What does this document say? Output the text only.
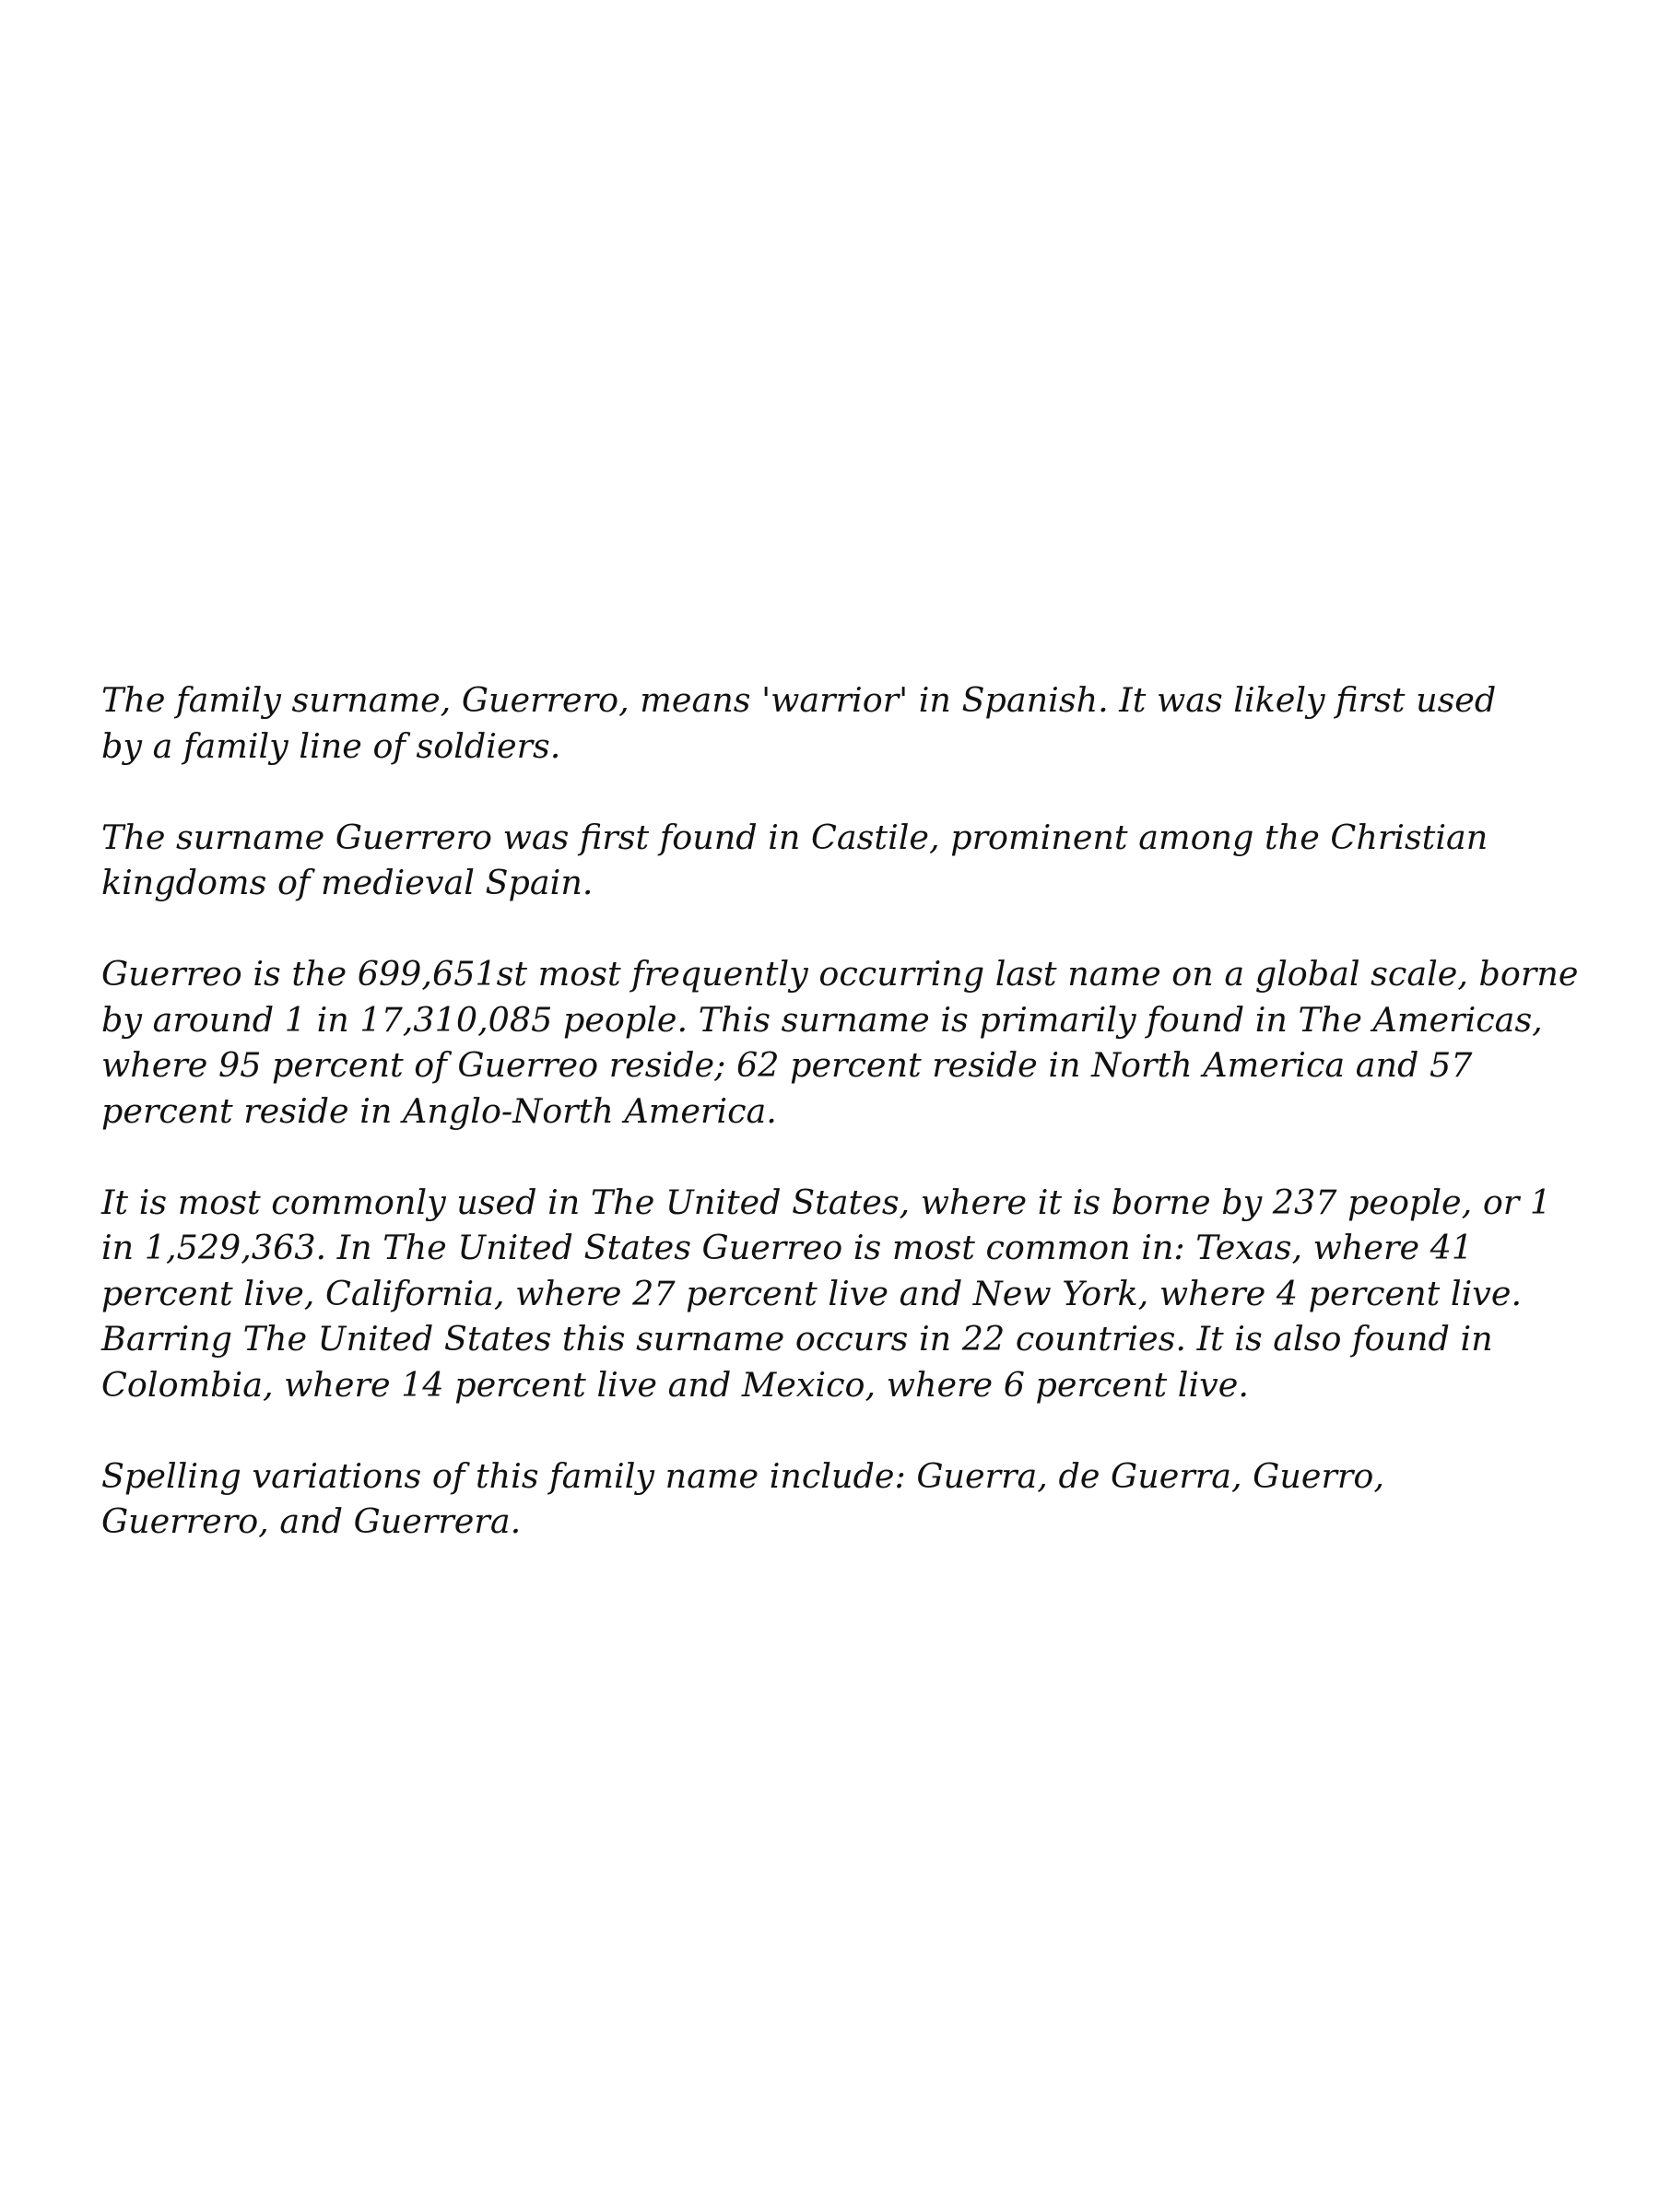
The family surname, Guerrero, means 'warrior' in Spanish. It was likely first used
by a family line of soldiers.

The surname Guerrero was first found in Castile, prominent among the Christian
kingdoms of medieval Spain.

Guerreo is the 699,651st most frequently occurring last name on a global scale, borne
by around 1 in 17,310,085 people. This surname is primarily found in The Americas,
where 95 percent of Guerreo reside; 62 percent reside in North America and 57
percent reside in Anglo-North America.

It is most commonly used in The United States, where it is borne by 237 people, or 1
in 1,529,363. In The United States Guerreo is most common in: Texas, where 41
percent live, California, where 27 percent live and New York, where 4 percent live.
Barring The United States this surname occurs in 22 countries. It is also found in
Colombia, where 14 percent live and Mexico, where 6 percent live.

Spelling variations of this family name include: Guerra, de Guerra, Guerro,
Guerrero, and Guerrera.
